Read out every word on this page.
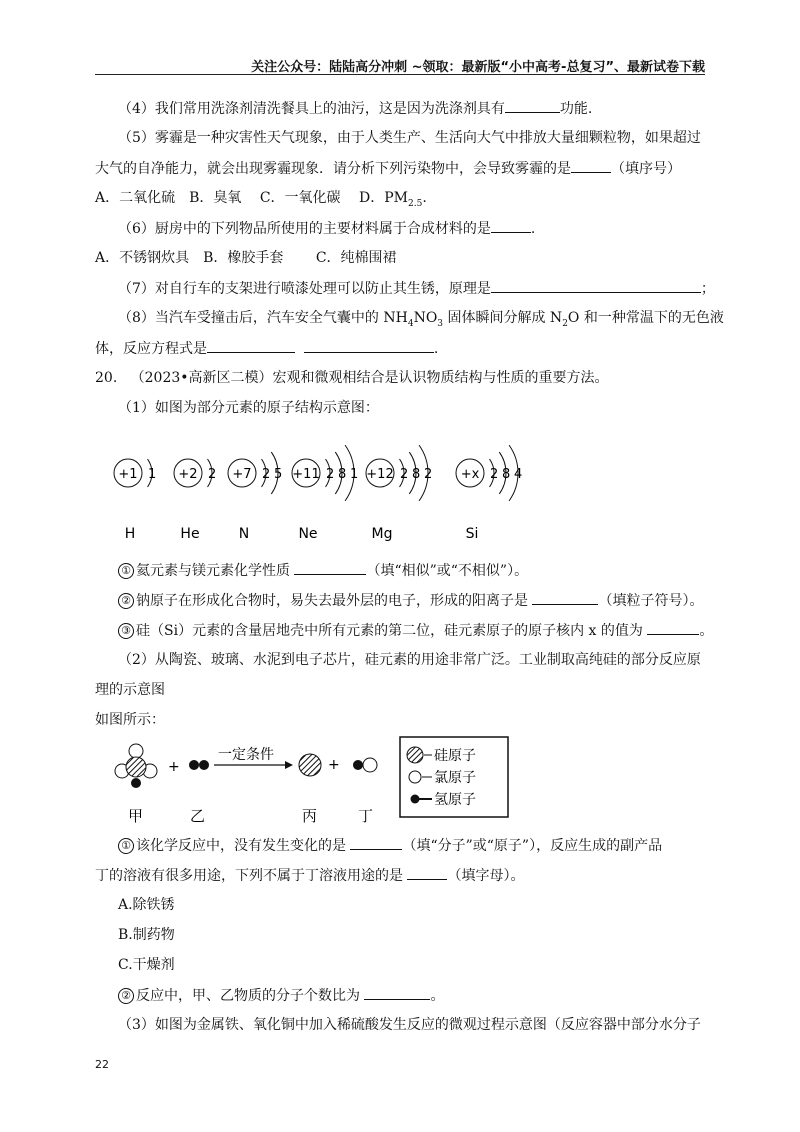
关注公众号：陆陆高分冲刺 ~领取：最新版“小中高考-总复习”、最新试卷下载
（4）我们常用洗涤剂清洗餐具上的油污，这是因为洗涤剂具有	功能.
（5）雾霾是一种灾害性天气现象，由于人类生产、生活向大气中排放大量细颗粒物，如果超过
大气的自净能力，就会出现雾霾现象．请分析下列污染物中，会导致雾霾的是	（填序号）
A．二氧化硫　B．臭氧　 C．一氧化碳　 D．$PM_{2.5}$.
（6）厨房中的下列物品所使用的主要材料属于合成材料的是	.
A．不锈钢炊具　B．橡胶手套　　 C．纯棉围裙
（7）对自行车的支架进行喷漆处理可以防止其生锈，原理是	；
（8）当汽车受撞击后，汽车安全气囊中的 $NH_4NO_3$ 固体瞬间分解成 $N_2O$ 和一种常温下的无色液
体，反应方程式是	.
20. （2023•高新区二模）宏观和微观相结合是认识物质结构与性质的重要方法。
（1）如图为部分元素的原子结构示意图：
+1 1
H
+2 2
He
+7 2 5
N
+11 2 8 1
Ne
+12 2 8 2
Mg
+x 2 8 4
Si
① 氦元素与镁元素化学性质	（填“相似”或“不相似”）。
② 钠原子在形成化合物时，易失去最外层的电子，形成的阳离子是	（填粒子符号）。
③ 硅（Si）元素的含量居地壳中所有元素的第二位，硅元素原子的原子核内 x 的值为	。
（2）从陶瓷、玻璃、水泥到电子芯片，硅元素的用途非常广泛。工业制取高纯硅的部分反应原
理的示意图
如图所示：
+
一定条件
+
甲	乙	丙	丁
硅原子
氯原子
氢原子
① 该化学反应中，没有发生变化的是	（填“分子”或“原子”），反应生成的副产品
丁的溶液有很多用途，下列不属于丁溶液用途的是	（填字母）。
A.除铁锈
B.制药物
C.干燥剂
② 反应中，甲、乙物质的分子个数比为	。
（3）如图为金属铁、氧化铜中加入稀硫酸发生反应的微观过程示意图（反应容器中部分水分子
22
